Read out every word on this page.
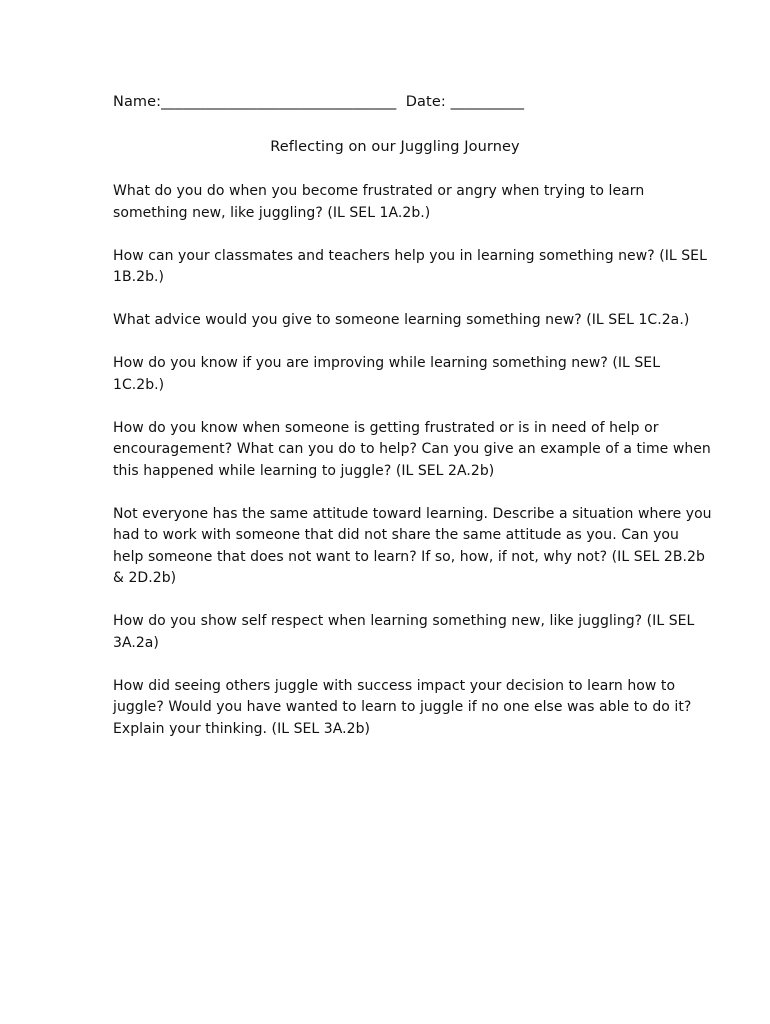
Name:________________________________ Date: __________
Reflecting on our Juggling Journey

What do you do when you become frustrated or angry when trying to learn something new, like juggling? (IL SEL 1A.2b.)

How can your classmates and teachers help you in learning something new? (IL SEL 1B.2b.)

What advice would you give to someone learning something new? (IL SEL 1C.2a.)

How do you know if you are improving while learning something new? (IL SEL 1C.2b.)

How do you know when someone is getting frustrated or is in need of help or encouragement? What can you do to help? Can you give an example of a time when this happened while learning to juggle? (IL SEL 2A.2b)

Not everyone has the same attitude toward learning. Describe a situation where you had to work with someone that did not share the same attitude as you. Can you help someone that does not want to learn? If so, how, if not, why not? (IL SEL 2B.2b & 2D.2b)

How do you show self respect when learning something new, like juggling? (IL SEL 3A.2a)

How did seeing others juggle with success impact your decision to learn how to juggle? Would you have wanted to learn to juggle if no one else was able to do it? Explain your thinking. (IL SEL 3A.2b)
